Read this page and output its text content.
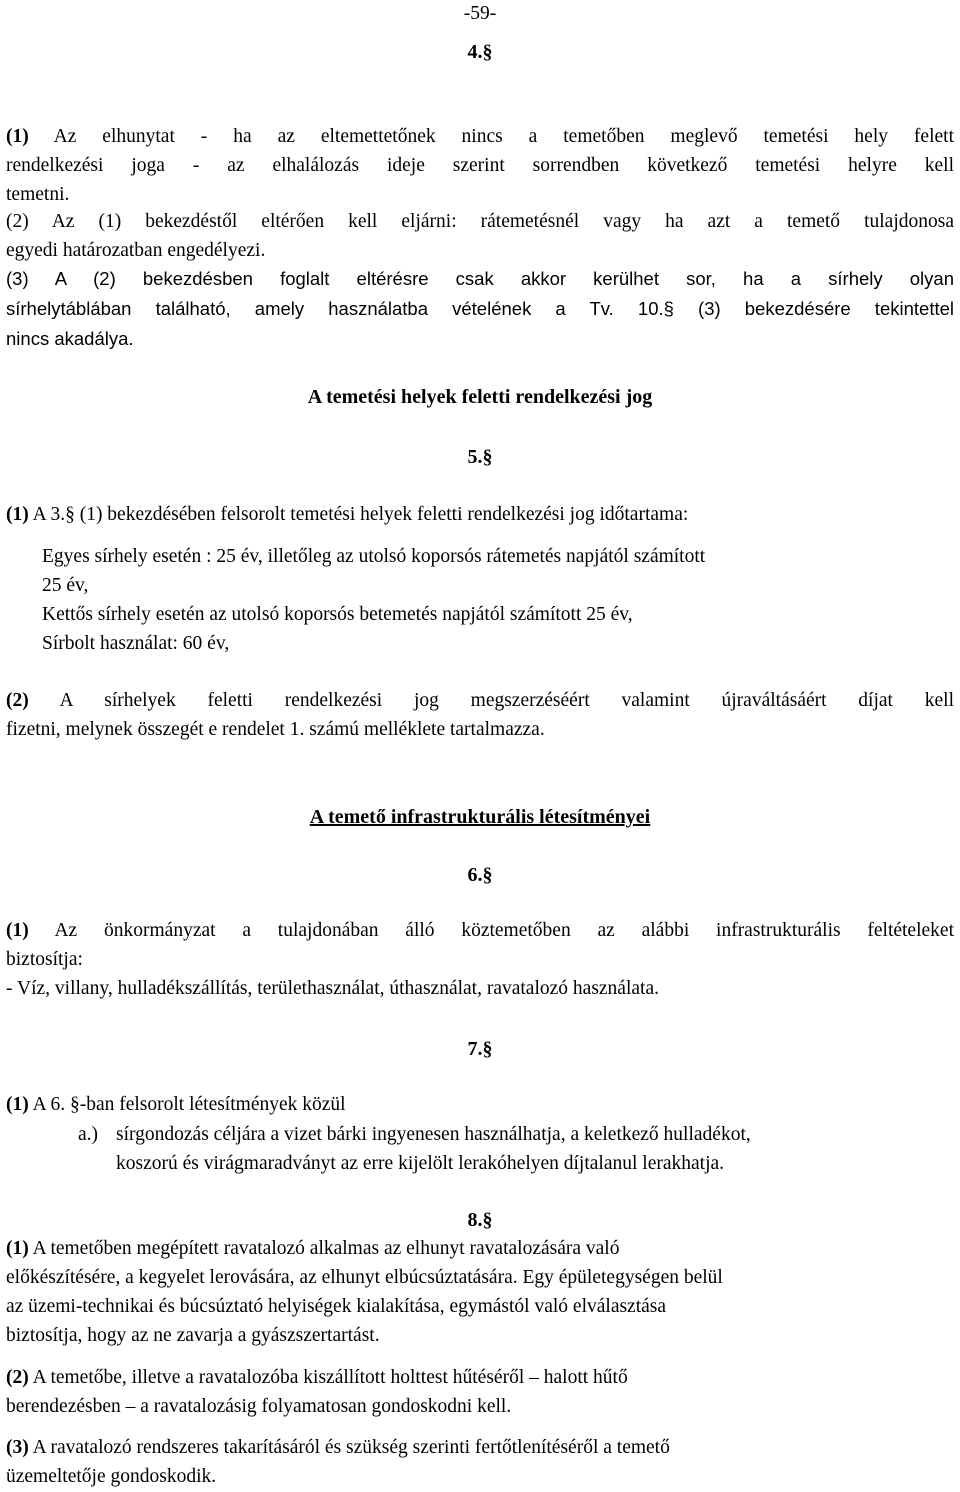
-59-
4.§
(1) Az elhunytat - ha az eltemettetőnek nincs a temetőben meglevő temetési hely felett
rendelkezési joga - az elhalálozás ideje szerint sorrendben következő temetési helyre kell
temetni.
(2) Az (1) bekezdéstől eltérően kell eljárni: rátemetésnél vagy ha azt a temető tulajdonosa
egyedi határozatban engedélyezi.
(3) A (2) bekezdésben foglalt eltérésre csak akkor kerülhet sor, ha a sírhely olyan
sírhelytáblában található, amely használatba vételének a Tv. 10.§ (3) bekezdésére tekintettel
nincs akadálya.
A temetési helyek feletti rendelkezési jog
5.§
(1) A 3.§ (1) bekezdésében felsorolt temetési helyek feletti rendelkezési jog időtartama:
Egyes sírhely esetén : 25 év, illetőleg az utolsó koporsós rátemetés napjától számított
25 év,
Kettős sírhely esetén az utolsó koporsós betemetés napjától számított 25 év,
Sírbolt használat: 60 év,
(2) A sírhelyek feletti rendelkezési jog megszerzéséért valamint újraváltásáért díjat kell
fizetni, melynek összegét e rendelet 1. számú melléklete tartalmazza.
A temető infrastrukturális létesítményei
6.§
(1) Az önkormányzat a tulajdonában álló köztemetőben az alábbi infrastrukturális feltételeket
biztosítja:
- Víz, villany, hulladékszállítás, területhasználat, úthasználat, ravatalozó használata.
7.§
(1) A 6. §-ban felsorolt létesítmények közül
a.) sírgondozás céljára a vizet bárki ingyenesen használhatja, a keletkező hulladékot,
koszorú és virágmaradványt az erre kijelölt lerakóhelyen díjtalanul lerakhatja.
8.§
(1) A temetőben megépített ravatalozó alkalmas az elhunyt ravatalozására való
előkészítésére, a kegyelet lerovására, az elhunyt elbúcsúztatására. Egy épületegységen belül
az üzemi-technikai és búcsúztató helyiségek kialakítása, egymástól való elválasztása
biztosítja, hogy az ne zavarja a gyászszertartást.
(2) A temetőbe, illetve a ravatalozóba kiszállított holttest hűtéséről – halott hűtő
berendezésben – a ravatalozásig folyamatosan gondoskodni kell.
(3) A ravatalozó rendszeres takarításáról és szükség szerinti fertőtlenítéséről a temető
üzemeltetője gondoskodik.
